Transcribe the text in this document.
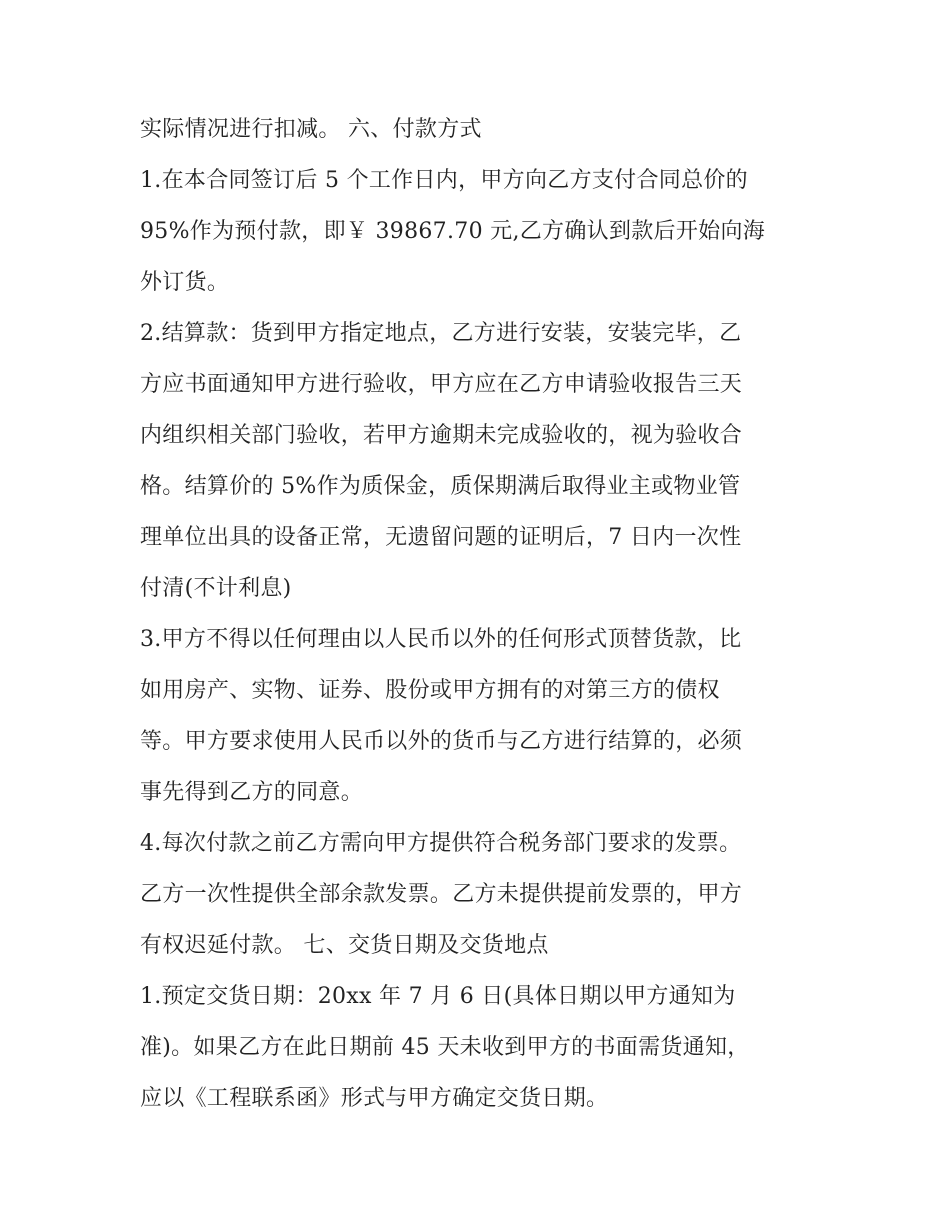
实际情况进行扣减。 六、付款方式
1.在本合同签订后 5 个工作日内，甲方向乙方支付合同总价的
95%作为预付款，即￥ 39867.70 元,乙方确认到款后开始向海
外订货。
2.结算款：货到甲方指定地点，乙方进行安装，安装完毕，乙
方应书面通知甲方进行验收，甲方应在乙方申请验收报告三天
内组织相关部门验收，若甲方逾期未完成验收的，视为验收合
格。结算价的 5%作为质保金，质保期满后取得业主或物业管
理单位出具的设备正常，无遗留问题的证明后，7 日内一次性
付清(不计利息)
3.甲方不得以任何理由以人民币以外的任何形式顶替货款，比
如用房产、实物、证券、股份或甲方拥有的对第三方的债权
等。甲方要求使用人民币以外的货币与乙方进行结算的，必须
事先得到乙方的同意。
4.每次付款之前乙方需向甲方提供符合税务部门要求的发票。
乙方一次性提供全部余款发票。乙方未提供提前发票的，甲方
有权迟延付款。 七、交货日期及交货地点
1.预定交货日期：20xx 年 7 月 6 日(具体日期以甲方通知为
准)。如果乙方在此日期前 45 天未收到甲方的书面需货通知，
应以《工程联系函》形式与甲方确定交货日期。
